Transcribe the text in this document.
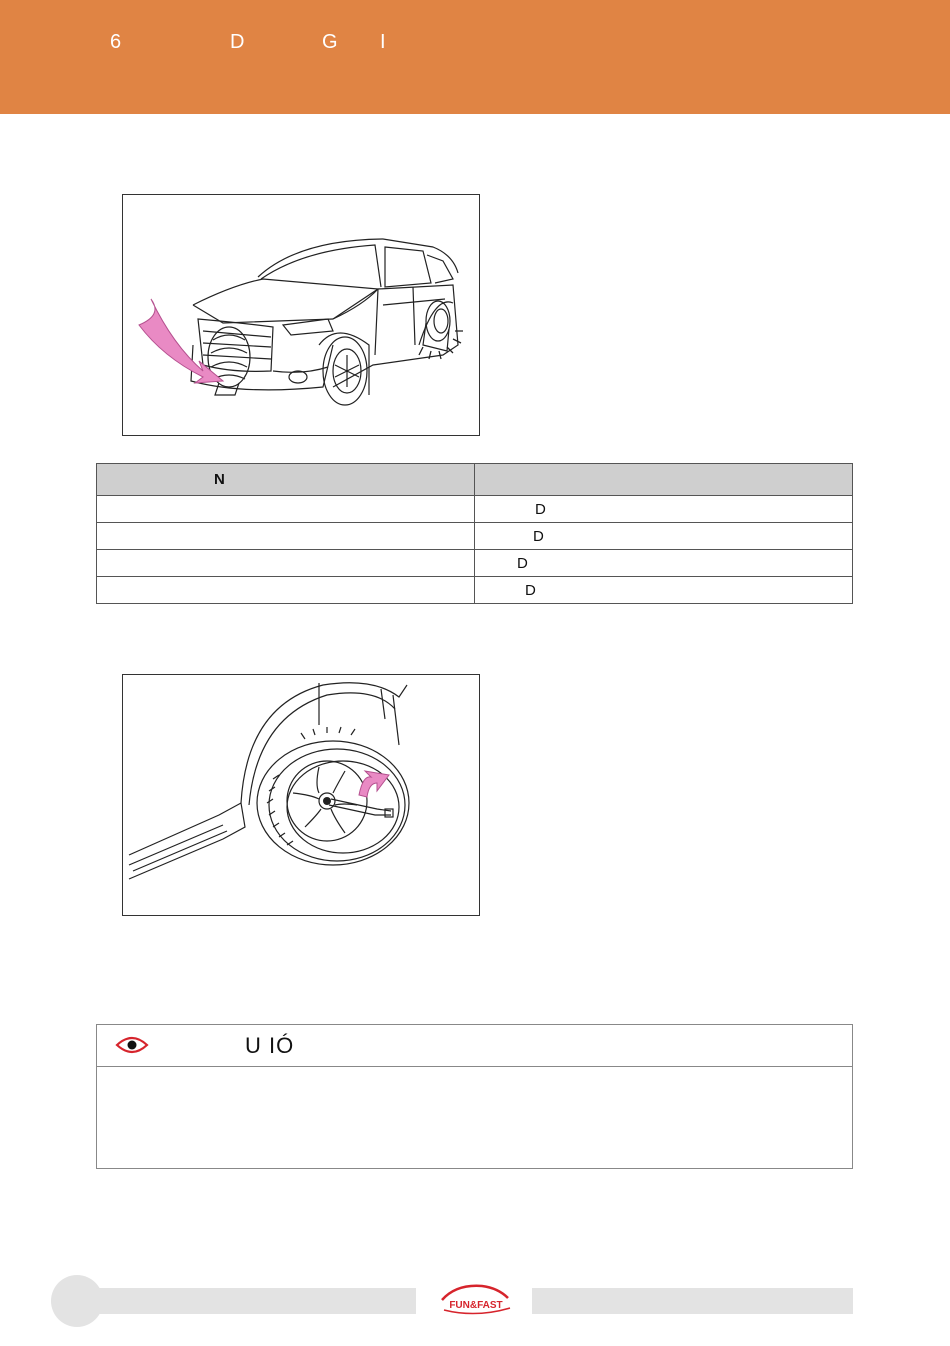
6	D	G I
N	
	D
	D
	D
	D
U IÓ
FUN&FAST
